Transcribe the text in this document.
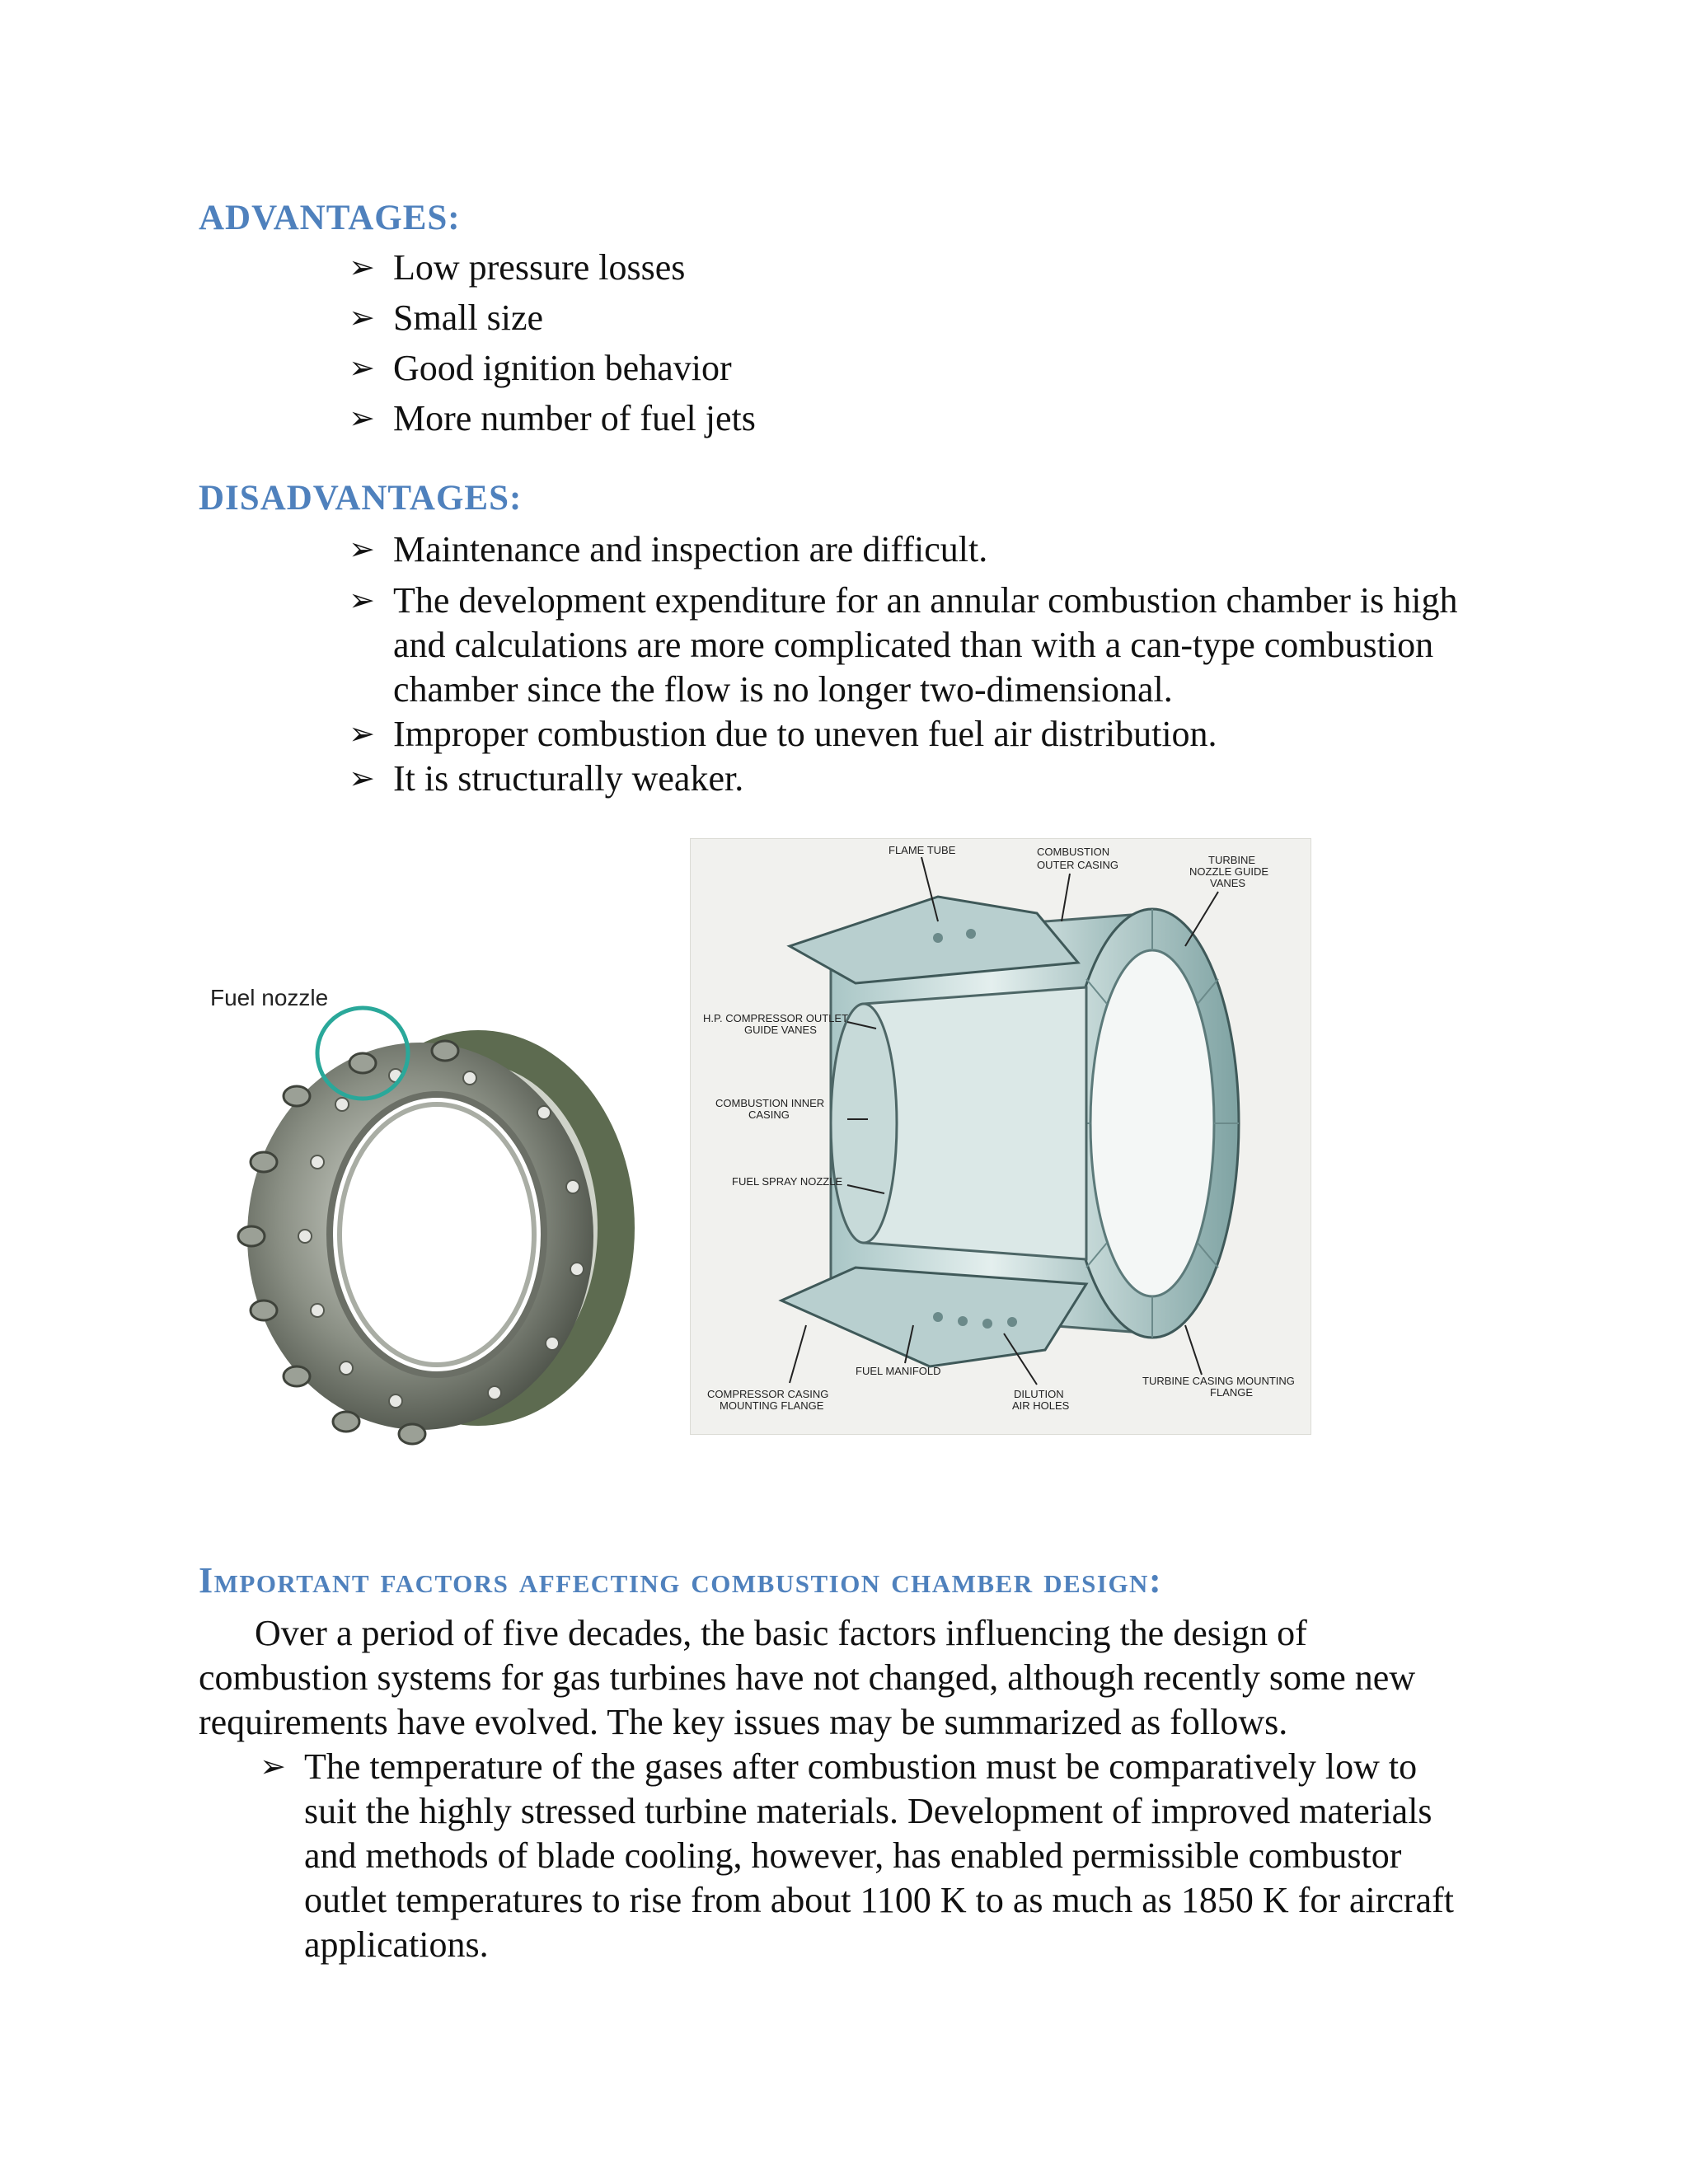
ADVANTAGES:
➢ Low pressure losses
➢ Small size
➢ Good ignition behavior
➢ More number of fuel jets
DISADVANTAGES:
➢ Maintenance and inspection are difficult.
➢ The development expenditure for an annular combustion chamber is high and calculations are more complicated than with a can-type combustion chamber since the flow is no longer two-dimensional.
➢ Improper combustion due to uneven fuel air distribution.
➢ It is structurally weaker.
Fuel nozzle
FLAME TUBE	COMBUSTION
OUTER CASING	TURBINE
NOZZLE GUIDE
VANES
H.P. COMPRESSOR OUTLET
GUIDE VANES
COMBUSTION INNER
CASING
FUEL SPRAY NOZZLE
FUEL MANIFOLD
COMPRESSOR CASING
MOUNTING FLANGE
DILUTION
AIR HOLES
TURBINE CASING MOUNTING
FLANGE
Important factors affecting combustion chamber design:

Over a period of five decades, the basic factors influencing the design of combustion systems for gas turbines have not changed, although recently some new requirements have evolved. The key issues may be summarized as follows.

➢ The temperature of the gases after combustion must be comparatively low to suit the highly stressed turbine materials. Development of improved materials and methods of blade cooling, however, has enabled permissible combustor outlet temperatures to rise from about 1100 K to as much as 1850 K for aircraft applications.
